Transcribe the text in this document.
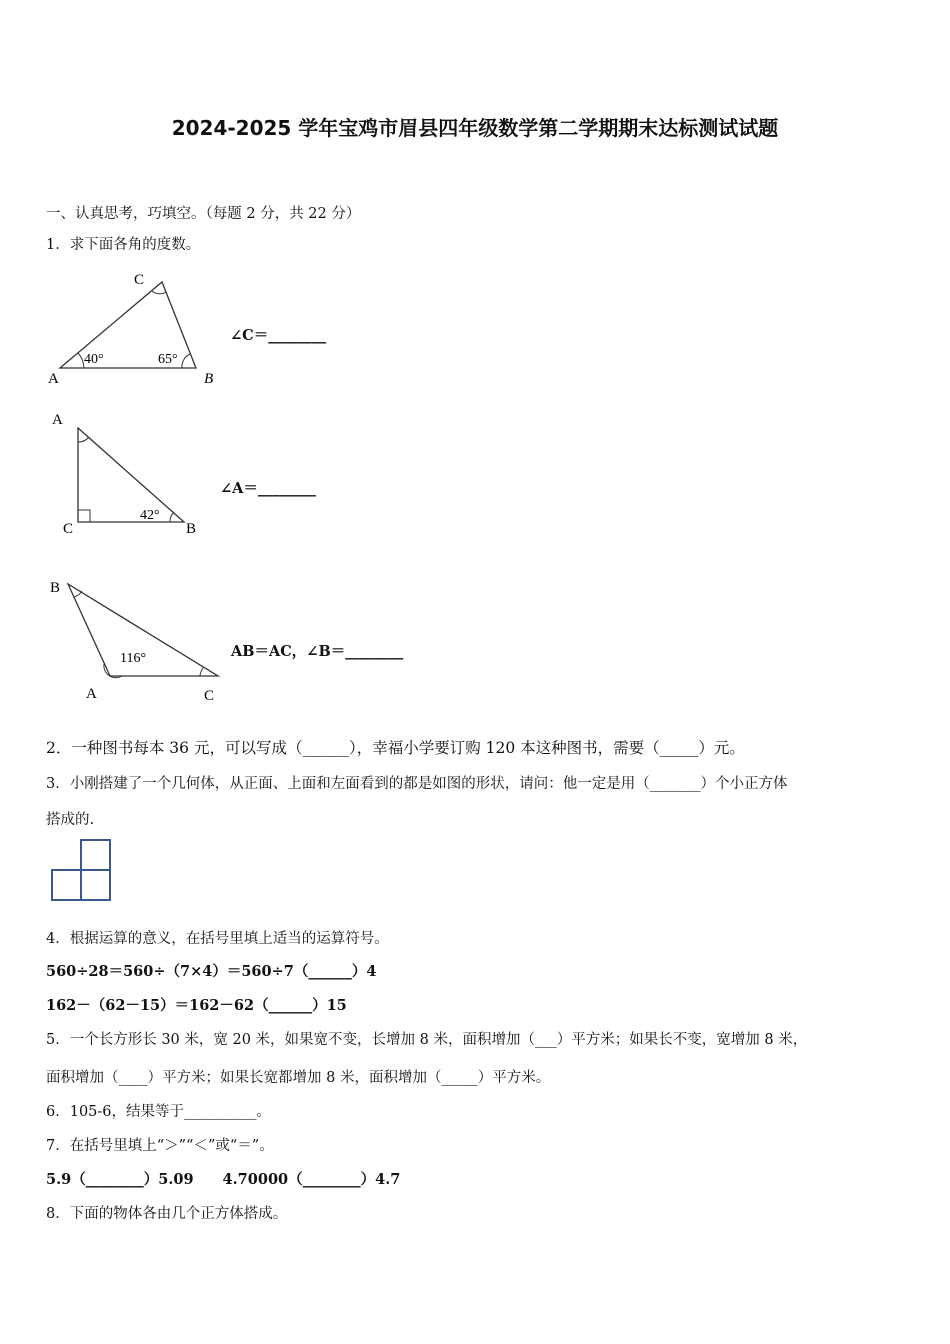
2024-2025 学年宝鸡市眉县四年级数学第二学期期末达标测试试题
一、认真思考，巧填空。（每题 2 分，共 22 分）
1．求下面各角的度数。
C
A	B
40°	65°
∠C＝________
A
C	B
42°
∠A＝________
B
A	C
116°	AB＝AC，∠B＝________
2．一种图书每本 36 元，可以写成（______），幸福小学要订购 120 本这种图书，需要（_____）元。
3．小刚搭建了一个几何体，从正面、上面和左面看到的都是如图的形状，请问：他一定是用（_______）个小正方体
搭成的.
4．根据运算的意义，在括号里填上适当的运算符号。
560÷28＝560÷（7×4）＝560÷7（______）4
162－（62－15）＝162－62（______）15
5．一个长方形长 30 米，宽 20 米，如果宽不变，长增加 8 米，面积增加（___）平方米；如果长不变，宽增加 8 米，
面积增加（____）平方米；如果长宽都增加 8 米，面积增加（_____）平方米。
6．105-6，结果等于__________。
7．在括号里填上“＞”“＜”或“＝”。
5.9（________）5.09　　4.70000（________）4.7
8．下面的物体各由几个正方体搭成。
